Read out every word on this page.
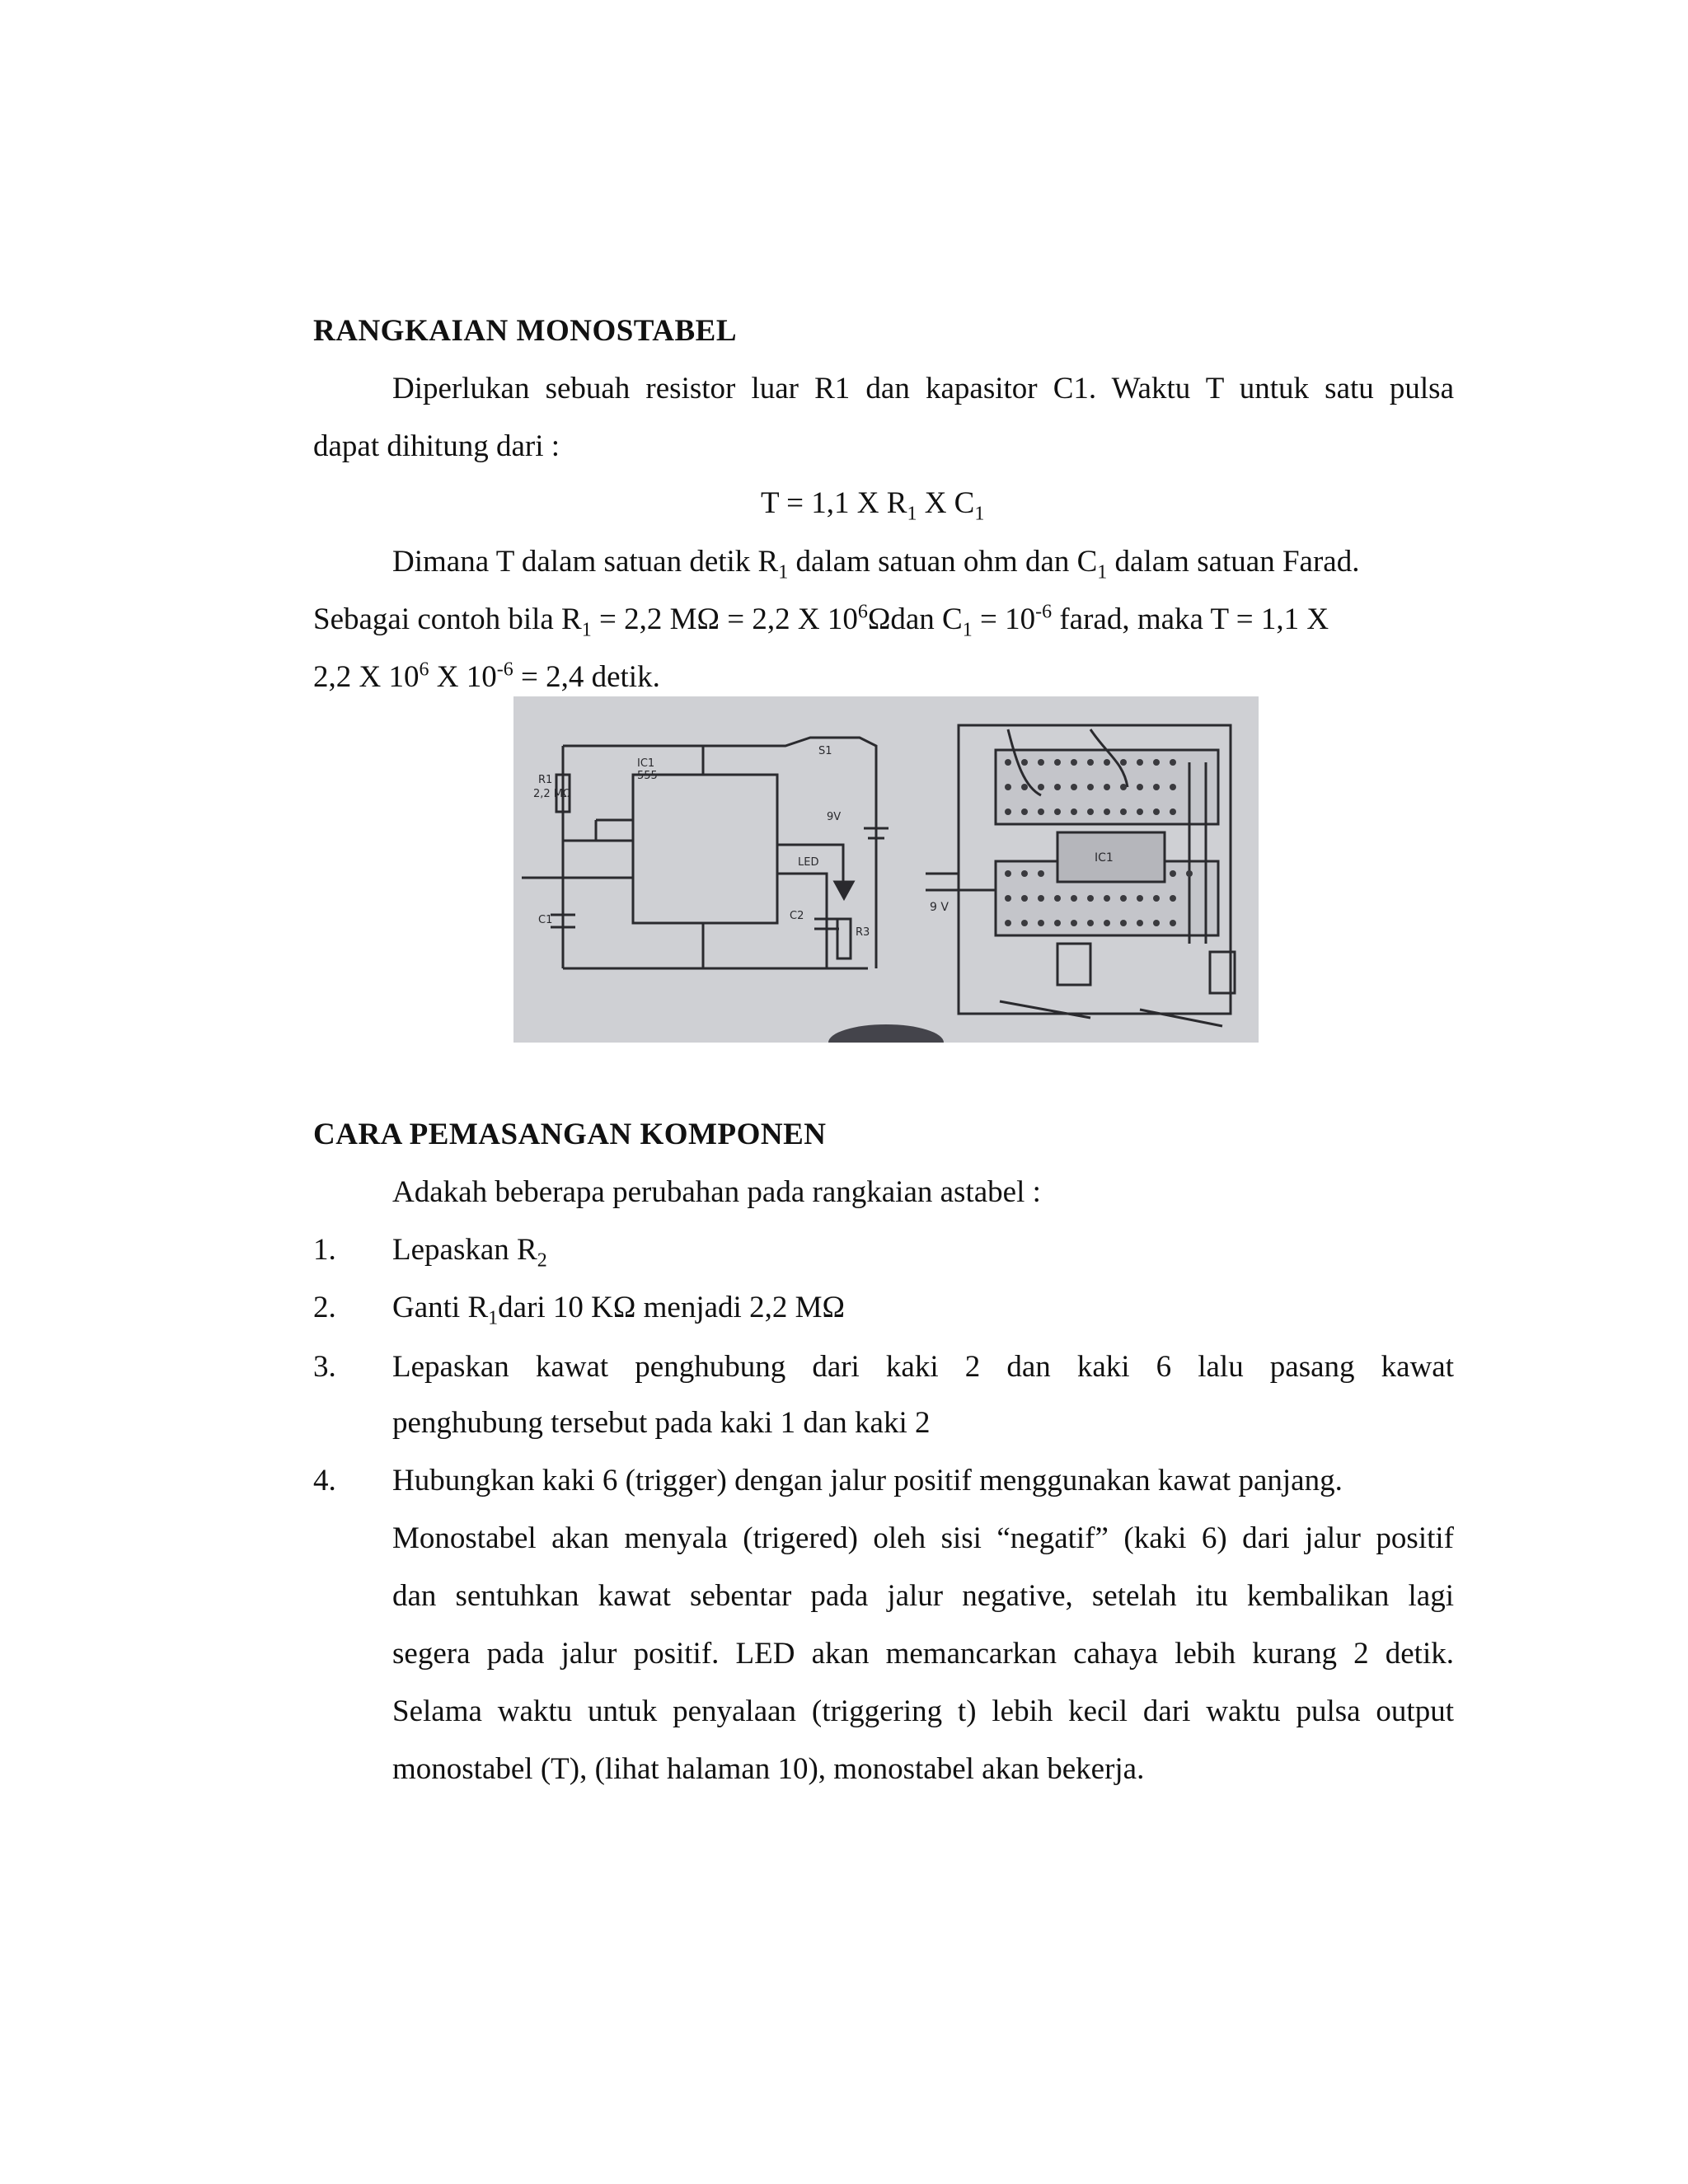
RANGKAIAN MONOSTABEL
Diperlukan sebuah resistor luar R1 dan kapasitor C1. Waktu T untuk satu pulsa
dapat dihitung dari :
T = 1,1 X $R_1$ X $C_1$
Dimana T dalam satuan detik $R_1$ dalam satuan ohm dan $C_1$ dalam satuan Farad.
Sebagai contoh bila $R_1 = 2,2$ MΩ = 2,2 X $10^6\Omega dan$ $C_1 = 10^{-6}$ farad, maka T = 1,1 X
2,2 X $10^6$ X $10^{-6} = 2,4$ detik.
R1
2,2 MΩ
IC1
555
C1	C2
LED
R3
9V
S1
IC1
9 V
CARA PEMASANGAN KOMPONEN
Adakah beberapa perubahan pada rangkaian astabel :
1. Lepaskan $R_2$
2. Ganti $R_1dari$ 10 KΩ menjadi 2,2 MΩ
3. Lepaskan kawat penghubung dari kaki 2 dan kaki 6 lalu pasang kawat
penghubung tersebut pada kaki 1 dan kaki 2
4. Hubungkan kaki 6 (trigger) dengan jalur positif menggunakan kawat panjang.
Monostabel akan menyala (trigered) oleh sisi “negatif” (kaki 6) dari jalur positif
dan sentuhkan kawat sebentar pada jalur negative, setelah itu kembalikan lagi
segera pada jalur positif. LED akan memancarkan cahaya lebih kurang 2 detik.
Selama waktu untuk penyalaan (triggering t) lebih kecil dari waktu pulsa output
monostabel (T), (lihat halaman 10), monostabel akan bekerja.
